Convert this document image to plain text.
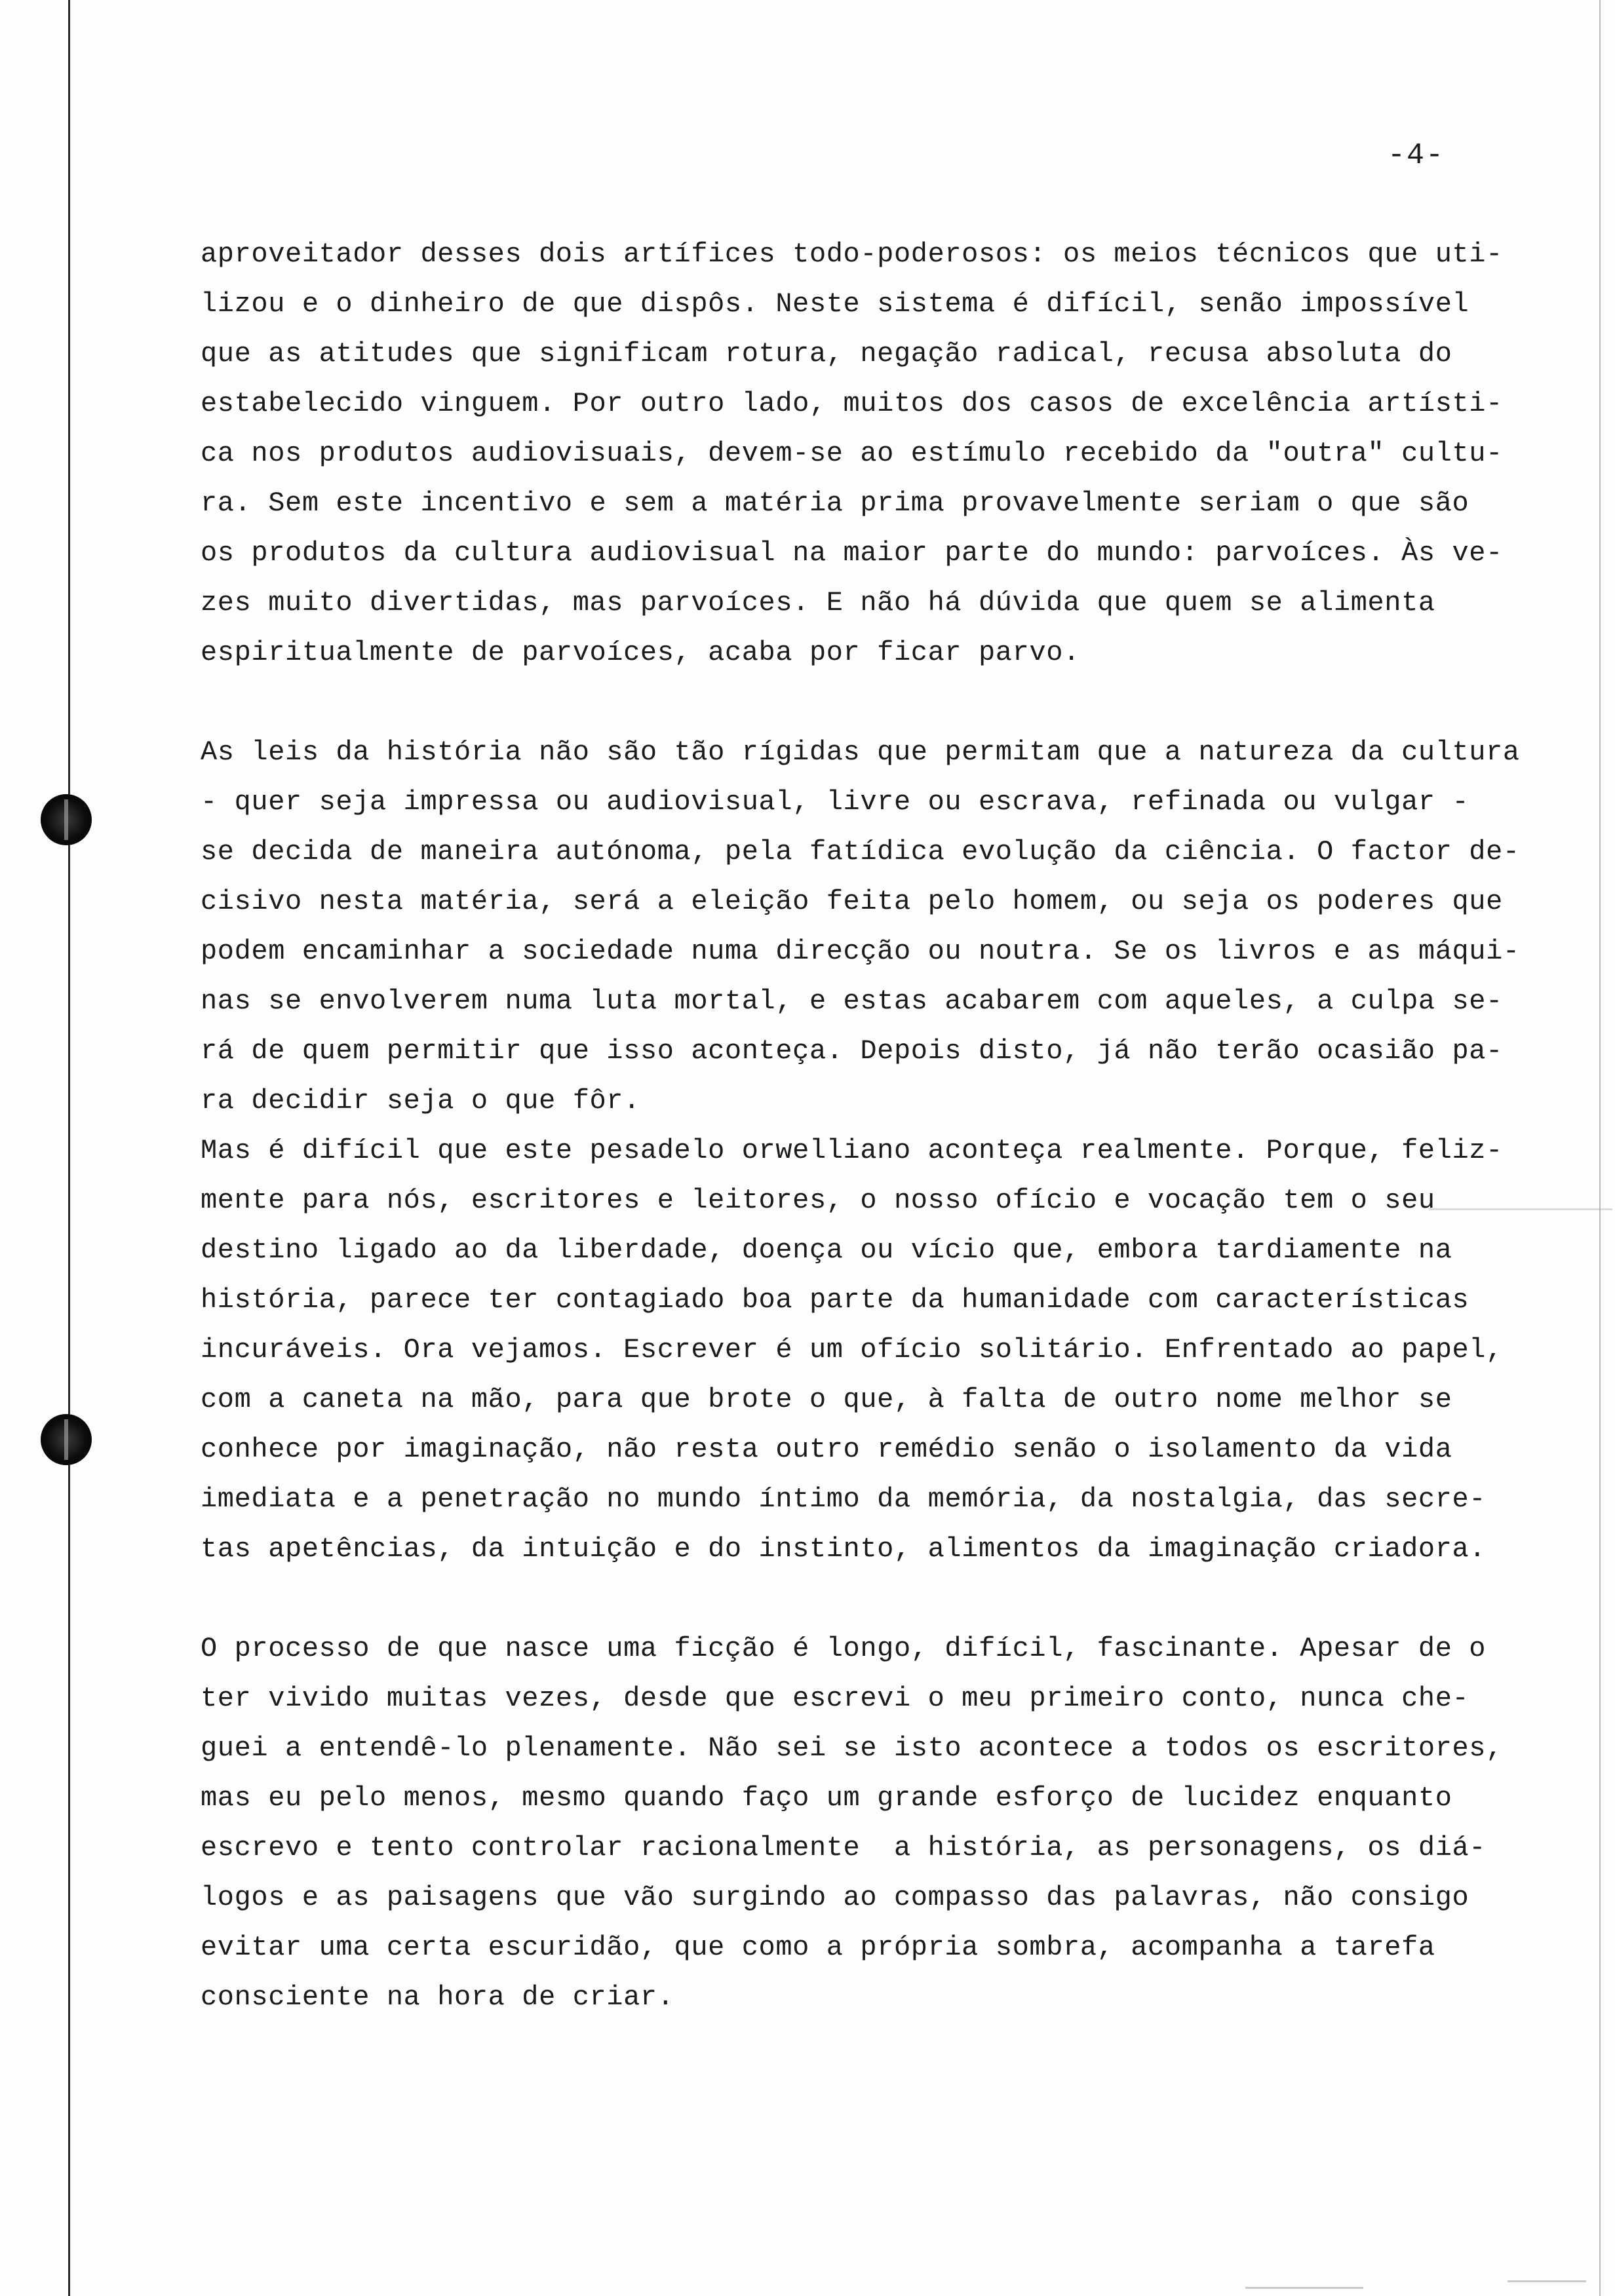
-4-
aproveitador desses dois artífices todo-poderosos: os meios técnicos que uti-
lizou e o dinheiro de que dispôs. Neste sistema é difícil, senão impossível
que as atitudes que significam rotura, negação radical, recusa absoluta do
estabelecido vinguem. Por outro lado, muitos dos casos de excelência artísti-
ca nos produtos audiovisuais, devem-se ao estímulo recebido da "outra" cultu-
ra. Sem este incentivo e sem a matéria prima provavelmente seriam o que são
os produtos da cultura audiovisual na maior parte do mundo: parvoíces. Às ve-
zes muito divertidas, mas parvoíces. E não há dúvida que quem se alimenta
espiritualmente de parvoíces, acaba por ficar parvo.
As leis da história não são tão rígidas que permitam que a natureza da cultura
- quer seja impressa ou audiovisual, livre ou escrava, refinada ou vulgar -
se decida de maneira autónoma, pela fatídica evolução da ciência. O factor de-
cisivo nesta matéria, será a eleição feita pelo homem, ou seja os poderes que
podem encaminhar a sociedade numa direcção ou noutra. Se os livros e as máqui-
nas se envolverem numa luta mortal, e estas acabarem com aqueles, a culpa se-
rá de quem permitir que isso aconteça. Depois disto, já não terão ocasião pa-
ra decidir seja o que fôr.
Mas é difícil que este pesadelo orwelliano aconteça realmente. Porque, feliz-
mente para nós, escritores e leitores, o nosso ofício e vocação tem o seu
destino ligado ao da liberdade, doença ou vício que, embora tardiamente na
história, parece ter contagiado boa parte da humanidade com características
incuráveis. Ora vejamos. Escrever é um ofício solitário. Enfrentado ao papel,
com a caneta na mão, para que brote o que, à falta de outro nome melhor se
conhece por imaginação, não resta outro remédio senão o isolamento da vida
imediata e a penetração no mundo íntimo da memória, da nostalgia, das secre-
tas apetências, da intuição e do instinto, alimentos da imaginação criadora.
O processo de que nasce uma ficção é longo, difícil, fascinante. Apesar de o
ter vivido muitas vezes, desde que escrevi o meu primeiro conto, nunca che-
guei a entendê-lo plenamente. Não sei se isto acontece a todos os escritores,
mas eu pelo menos, mesmo quando faço um grande esforço de lucidez enquanto
escrevo e tento controlar racionalmente  a história, as personagens, os diá-
logos e as paisagens que vão surgindo ao compasso das palavras, não consigo
evitar uma certa escuridão, que como a própria sombra, acompanha a tarefa
consciente na hora de criar.
